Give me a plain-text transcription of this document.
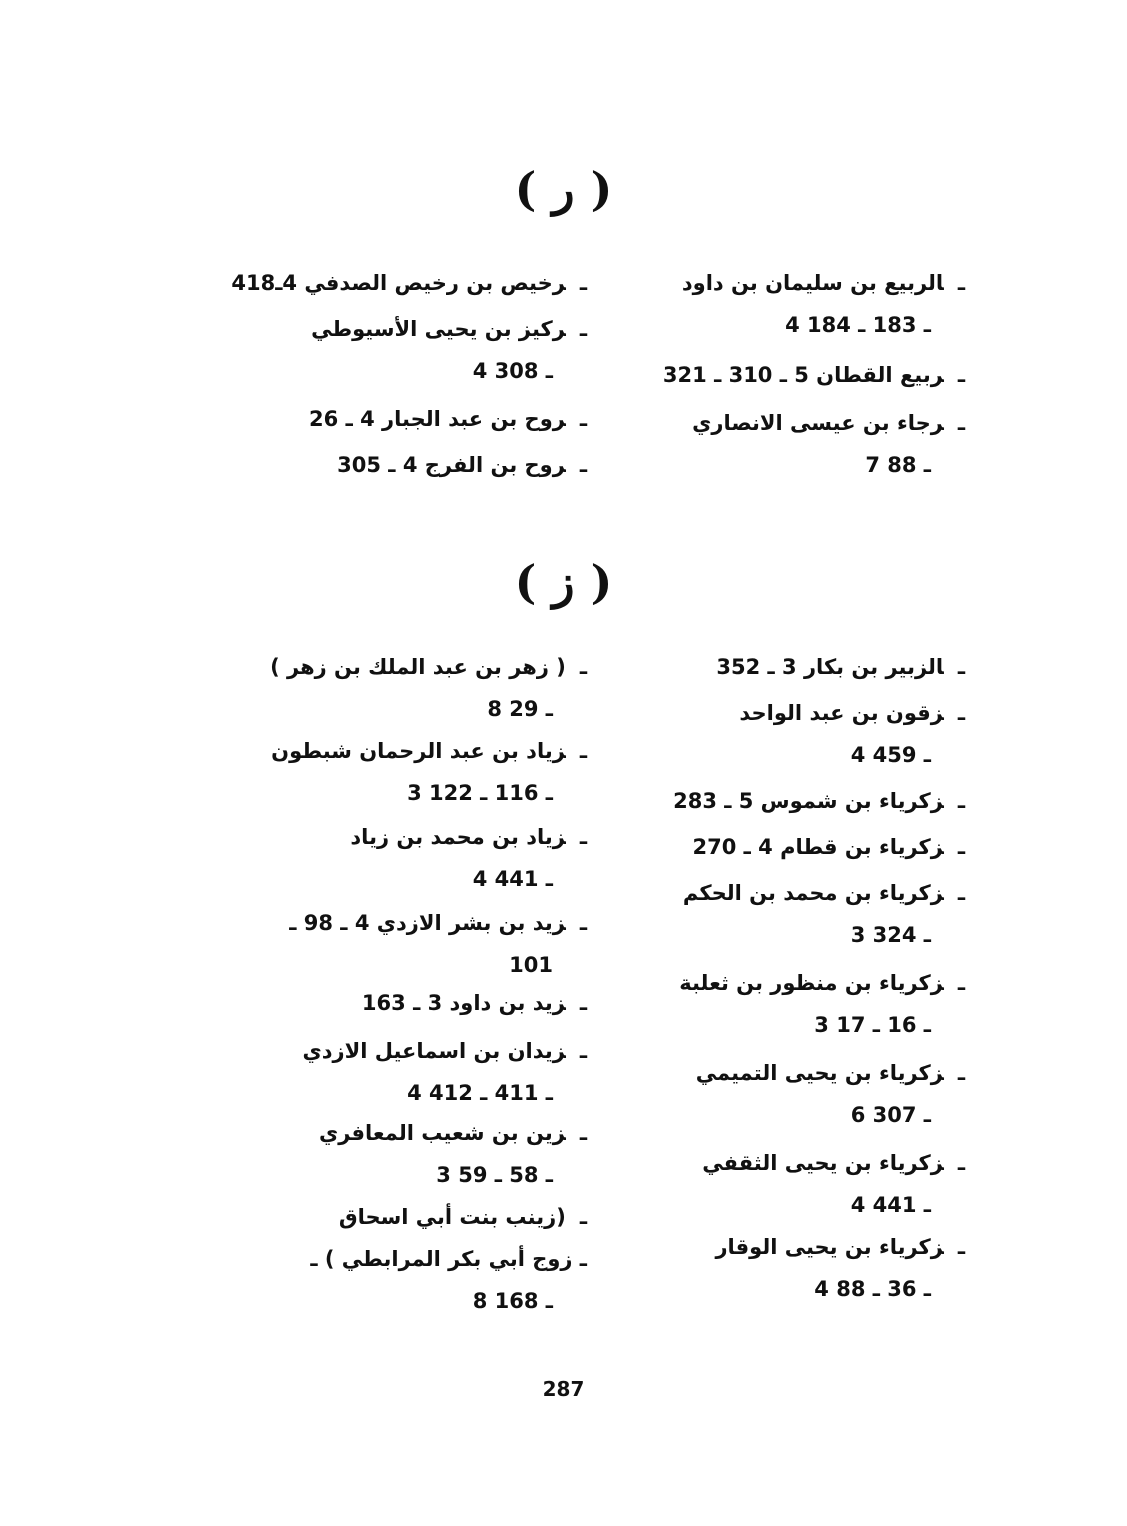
( ر )
ـالربيع بن سليمان بن داود
4 ـ 183 ـ 184
ـربيع القطان 5 ـ 310 ـ 321
ـرجاء بن عيسى الانصاري
7 ـ 88
ـرخيص بن رخيص الصدفي 4ـ418
ـركيز بن يحيى الأسيوطي
4 ـ 308
ـروح بن عبد الجبار 4 ـ 26
ـروح بن الفرج 4 ـ 305
( ز )
ـالزبير بن بكار 3 ـ 352
ـزقون بن عبد الواحد
4 ـ 459
ـزكرياء بن شموس 5 ـ 283
ـزكرياء بن قطام 4 ـ 270
ـزكرياء بن محمد بن الحكم
3 ـ 324
ـزكرياء بن منظور بن ثعلبة
3 ـ 16 ـ 17
ـزكرياء بن يحيى التميمي
6 ـ 307
ـزكرياء بن يحيى الثقفي
4 ـ 441
ـزكرياء بن يحيى الوقار
4 ـ 36 ـ 88
ـ( زهر بن عبد الملك بن زهر )
8 ـ 29
ـزياد بن عبد الرحمان شبطون
3 ـ 116 ـ 122
ـزياد بن محمد بن زياد
4 ـ 441
ـزيد بن بشر الازدي 4 ـ 98 ـ
101
ـزيد بن داود 3 ـ 163
ـزيدان بن اسماعيل الازدي
4 ـ 411 ـ 412
ـزين بن شعيب المعافري
3 ـ 58 ـ 59
ـ(زينب بنت أبي اسحاق
ـ زوج أبي بكر المرابطي ) ـ
8 ـ 168
287
